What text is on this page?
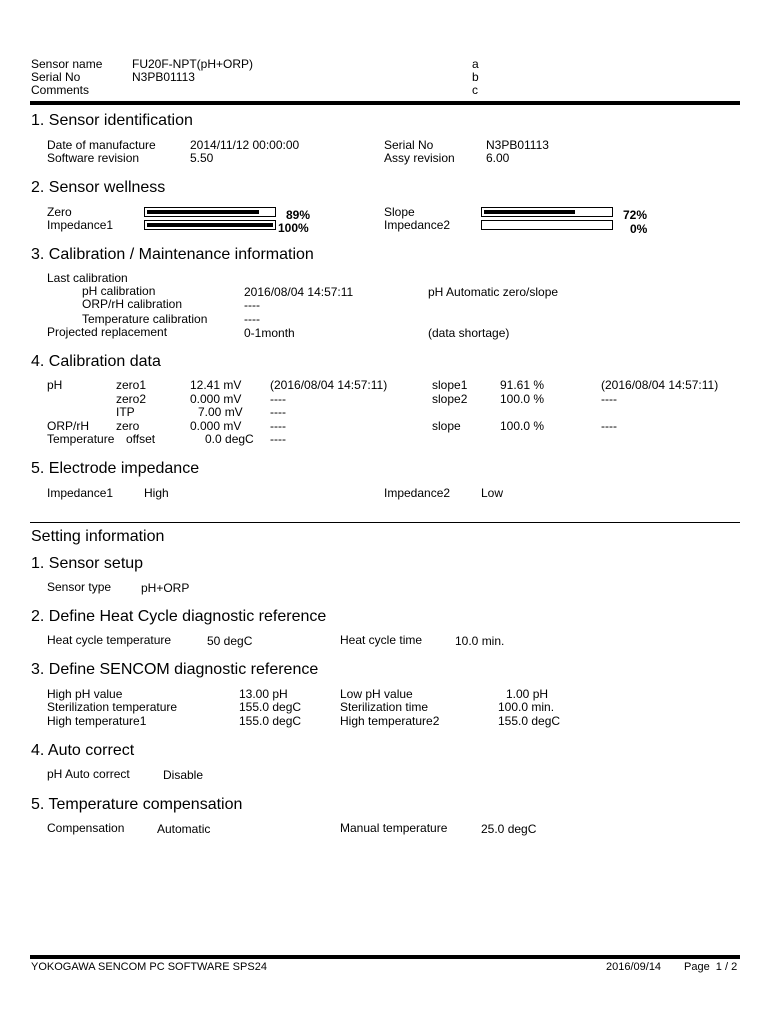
Sensor name FU20F-NPT(pH+ORP)	a
Serial No	N3PB01113	b
Comments	c
1. Sensor identification
Date of manufacture	2014/11/12 00:00:00	Serial No	N3PB01113
Software revision	5.50	Assy revision	6.00
2. Sensor wellness
Zero	89%
Impedance1	100%
Slope	72%
Impedance2	0%
3. Calibration / Maintenance information
Last calibration
pH calibration	2016/08/04 14:57:11	pH Automatic zero/slope
ORP/rH calibration	----
Temperature calibration	----
Projected replacement	0-1month	(data shortage)
4. Calibration data
pH	zero1	12.41 mV (2016/08/04 14:57:11)	slope1	91.61 %	(2016/08/04 14:57:11)
zero2	0.000 mV ----	slope2	100.0 %	----
ITP	7.00 mV ----
ORP/rH zero	0.000 mV ----	slope	100.0 %	----
Temperature offset	0.0 degC ----
5. Electrode impedance
Impedance1	High	Impedance2	Low
Setting information
1. Sensor setup
Sensor type pH+ORP
2. Define Heat Cycle diagnostic reference
Heat cycle temperature	50 degC	Heat cycle time	10.0 min.
3. Define SENCOM diagnostic reference
High pH value	13.00 pH	Low pH value	1.00 pH
Sterilization temperature	155.0 degC	Sterilization time	100.0 min.
High temperature1	155.0 degC	High temperature2	155.0 degC
4. Auto correct
pH Auto correct	Disable
5. Temperature compensation
Compensation	Automatic	Manual temperature	25.0 degC
YOKOGAWA SENCOM PC SOFTWARE SPS24	2016/09/14 Page  1 / 2
